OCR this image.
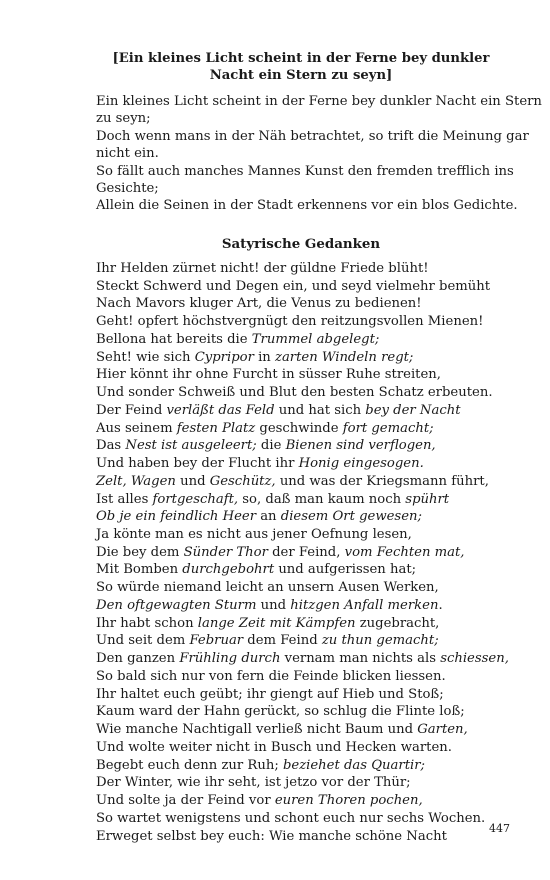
[Ein kleines Licht scheint in der Ferne bey dunkler Nacht ein Stern zu seyn]
Ein kleines Licht scheint in der Ferne bey dunkler Nacht ein Stern
zu seyn;
Doch wenn mans in der Näh betrachtet, so trift die Meinung gar
nicht ein.
So fällt auch manches Mannes Kunst den fremden trefflich ins
Gesichte;
Allein die Seinen in der Stadt erkennens vor ein blos Gedichte.
Satyrische Gedanken
Ihr Helden zürnet nicht! der güldne Friede blüht!
Steckt Schwerd und Degen ein, und seyd vielmehr bemüht
Nach Mavors kluger Art, die Venus zu bedienen!
Geht! opfert höchstvergnügt den reitzungsvollen Mienen!
Bellona hat bereits die Trummel abgelegt;
Seht! wie sich Cypripor in zarten Windeln regt;
Hier könnt ihr ohne Furcht in süsser Ruhe streiten,
Und sonder Schweiß und Blut den besten Schatz erbeuten.
Der Feind verläßt das Feld und hat sich bey der Nacht
Aus seinem festen Platz geschwinde fort gemacht;
Das Nest ist ausgeleert; die Bienen sind verflogen,
Und haben bey der Flucht ihr Honig eingesogen.
Zelt, Wagen und Geschütz, und was der Kriegsmann führt,
Ist alles fortgeschaft, so, daß man kaum noch spührt
Ob je ein feindlich Heer an diesem Ort gewesen;
Ja könte man es nicht aus jener Oefnung lesen,
Die bey dem Sünder Thor der Feind, vom Fechten mat,
Mit Bomben durchgebohrt und aufgerissen hat;
So würde niemand leicht an unsern Ausen Werken,
Den oftgewagten Sturm und hitzgen Anfall merken.
Ihr habt schon lange Zeit mit Kämpfen zugebracht,
Und seit dem Februar dem Feind zu thun gemacht;
Den ganzen Frühling durch vernam man nichts als schiessen,
So bald sich nur von fern die Feinde blicken liessen.
Ihr haltet euch geübt; ihr giengt auf Hieb und Stoß;
Kaum ward der Hahn gerückt, so schlug die Flinte loß;
Wie manche Nachtigall verließ nicht Baum und Garten,
Und wolte weiter nicht in Busch und Hecken warten.
Begebt euch denn zur Ruh; beziehet das Quartir;
Der Winter, wie ihr seht, ist jetzo vor der Thür;
Und solte ja der Feind vor euren Thoren pochen,
So wartet wenigstens und schont euch nur sechs Wochen.
Erweget selbst bey euch: Wie manche schöne Nacht	447
